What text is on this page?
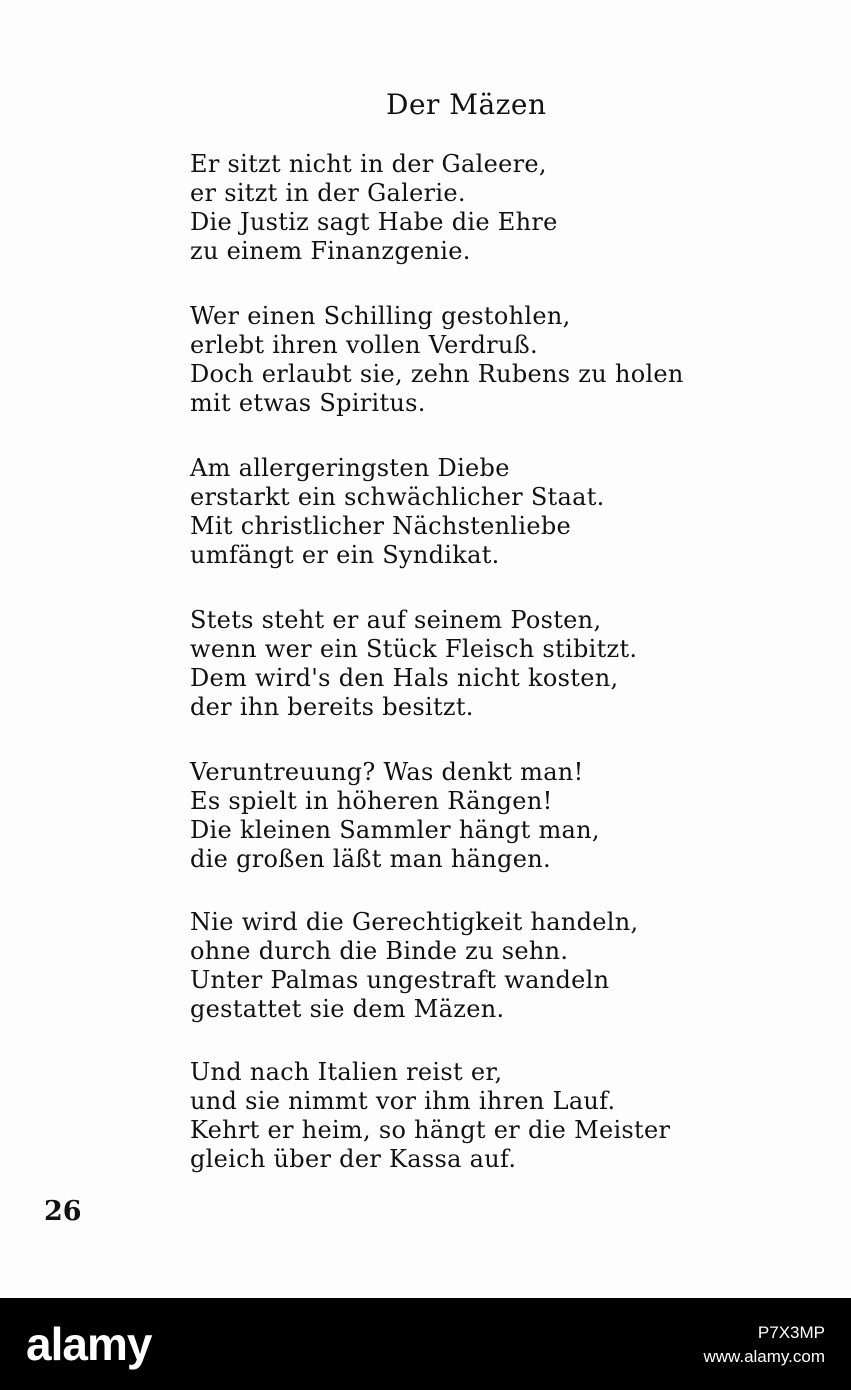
Der Mäzen
Er sitzt nicht in der Galeere,
er sitzt in der Galerie.
Die Justiz sagt Habe die Ehre
zu einem Finanzgenie.
Wer einen Schilling gestohlen,
erlebt ihren vollen Verdruß.
Doch erlaubt sie, zehn Rubens zu holen
mit etwas Spiritus.
Am allergeringsten Diebe
erstarkt ein schwächlicher Staat.
Mit christlicher Nächstenliebe
umfängt er ein Syndikat.
Stets steht er auf seinem Posten,
wenn wer ein Stück Fleisch stibitzt.
Dem wird's den Hals nicht kosten,
der ihn bereits besitzt.
Veruntreuung? Was denkt man!
Es spielt in höheren Rängen!
Die kleinen Sammler hängt man,
die großen läßt man hängen.
Nie wird die Gerechtigkeit handeln,
ohne durch die Binde zu sehn.
Unter Palmas ungestraft wandeln
gestattet sie dem Mäzen.
Und nach Italien reist er,
und sie nimmt vor ihm ihren Lauf.
Kehrt er heim, so hängt er die Meister
gleich über der Kassa auf.
26
alamy	P7X3MP
www.alamy.com
